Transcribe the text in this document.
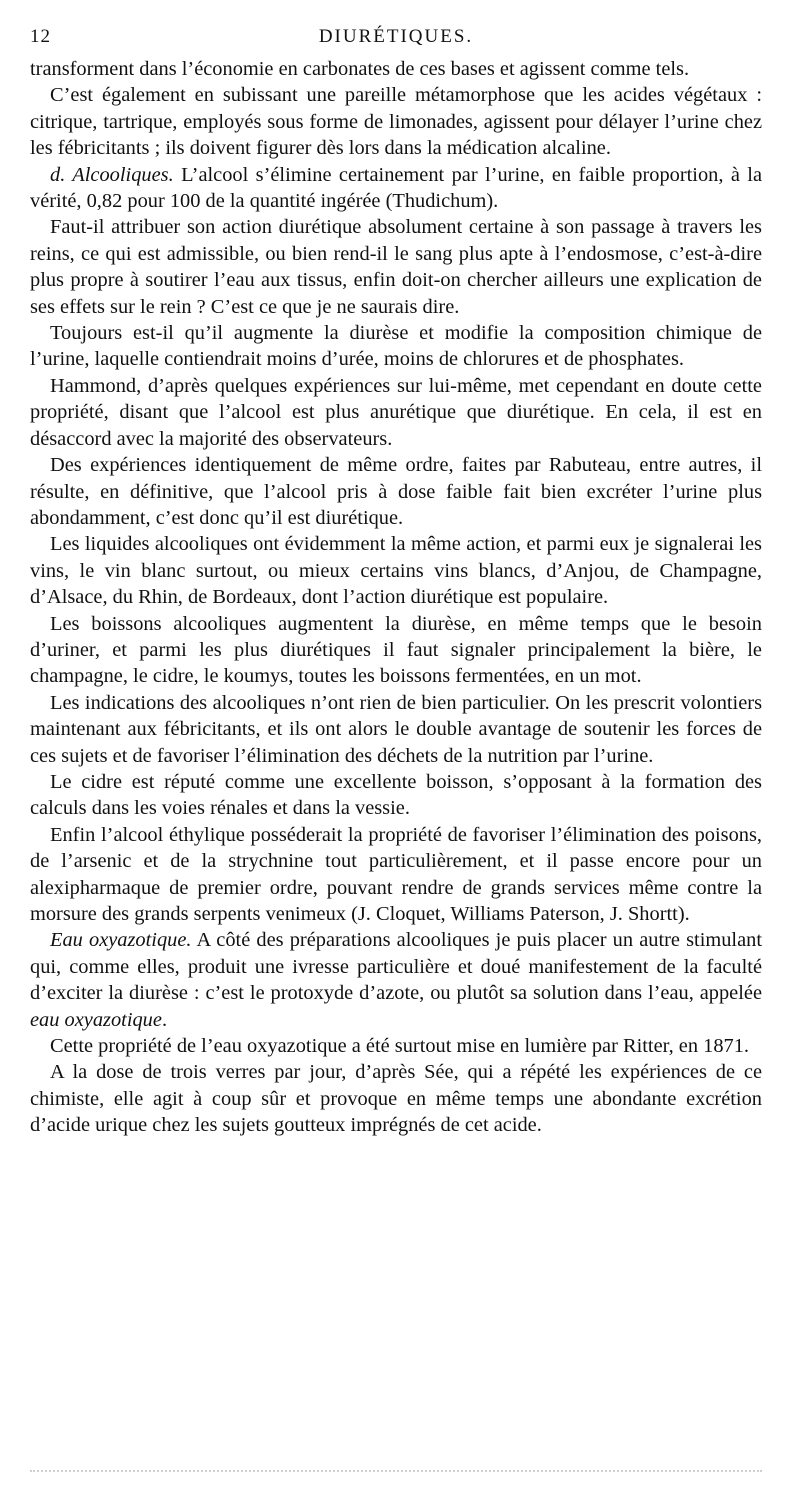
12	DIURÉTIQUES.

transforment dans l’économie en carbonates de ces bases et agissent comme tels.

C’est également en subissant une pareille métamorphose que les acides végétaux : citrique, tartrique, employés sous forme de limonades, agissent pour délayer l’urine chez les fébricitants ; ils doivent figurer dès lors dans la médication alcaline.

d. Alcooliques. L’alcool s’élimine certainement par l’urine, en faible proportion, à la vérité, 0,82 pour 100 de la quantité ingérée (Thudichum).

Faut-il attribuer son action diurétique absolument certaine à son passage à travers les reins, ce qui est admissible, ou bien rend-il le sang plus apte à l’endosmose, c’est-à-dire plus propre à soutirer l’eau aux tissus, enfin doit-on chercher ailleurs une explication de ses effets sur le rein ? C’est ce que je ne saurais dire.

Toujours est-il qu’il augmente la diurèse et modifie la composition chimique de l’urine, laquelle contiendrait moins d’urée, moins de chlorures et de phosphates.

Hammond, d’après quelques expériences sur lui-même, met cependant en doute cette propriété, disant que l’alcool est plus anurétique que diurétique. En cela, il est en désaccord avec la majorité des observateurs.

Des expériences identiquement de même ordre, faites par Rabuteau, entre autres, il résulte, en définitive, que l’alcool pris à dose faible fait bien excréter l’urine plus abondamment, c’est donc qu’il est diurétique.

Les liquides alcooliques ont évidemment la même action, et parmi eux je signalerai les vins, le vin blanc surtout, ou mieux certains vins blancs, d’Anjou, de Champagne, d’Alsace, du Rhin, de Bordeaux, dont l’action diurétique est populaire.

Les boissons alcooliques augmentent la diurèse, en même temps que le besoin d’uriner, et parmi les plus diurétiques il faut signaler principalement la bière, le champagne, le cidre, le koumys, toutes les boissons fermentées, en un mot.

Les indications des alcooliques n’ont rien de bien particulier. On les prescrit volontiers maintenant aux fébricitants, et ils ont alors le double avantage de soutenir les forces de ces sujets et de favoriser l’élimination des déchets de la nutrition par l’urine.

Le cidre est réputé comme une excellente boisson, s’opposant à la formation des calculs dans les voies rénales et dans la vessie.

Enfin l’alcool éthylique posséderait la propriété de favoriser l’élimination des poisons, de l’arsenic et de la strychnine tout particulièrement, et il passe encore pour un alexipharmaque de premier ordre, pouvant rendre de grands services même contre la morsure des grands serpents venimeux (J. Cloquet, Williams Paterson, J. Shortt).

Eau oxyazotique. A côté des préparations alcooliques je puis placer un autre stimulant qui, comme elles, produit une ivresse particulière et doué manifestement de la faculté d’exciter la diurèse : c’est le protoxyde d’azote, ou plutôt sa solution dans l’eau, appelée eau oxyazotique.

Cette propriété de l’eau oxyazotique a été surtout mise en lumière par Ritter, en 1871.

A la dose de trois verres par jour, d’après Sée, qui a répété les expériences de ce chimiste, elle agit à coup sûr et provoque en même temps une abondante excrétion d’acide urique chez les sujets goutteux imprégnés de cet acide.
